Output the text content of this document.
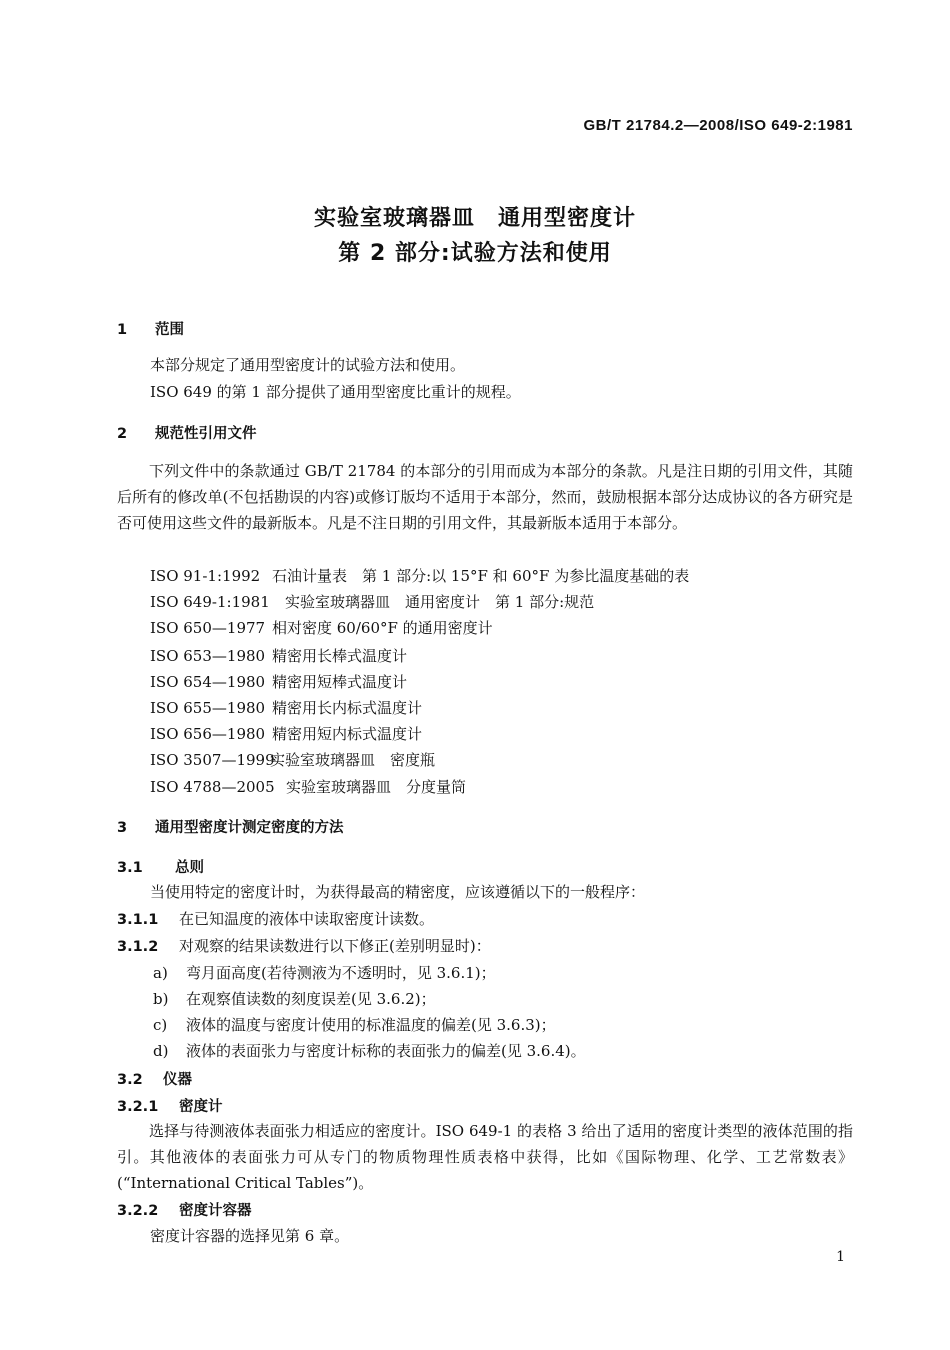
GB/T 21784.2—2008/ISO 649-2:1981
实验室玻璃器皿　通用型密度计
第 2 部分:试验方法和使用
1 范围
本部分规定了通用型密度计的试验方法和使用。
ISO 649 的第 1 部分提供了通用型密度比重计的规程。
2 规范性引用文件
下列文件中的条款通过 GB/T 21784 的本部分的引用而成为本部分的条款。凡是注日期的引用文件，其随后所有的修改单(不包括勘误的内容)或修订版均不适用于本部分，然而，鼓励根据本部分达成协议的各方研究是否可使用这些文件的最新版本。凡是不注日期的引用文件，其最新版本适用于本部分。
ISO 91-1:1992 石油计量表　第 1 部分:以 15°F 和 60°F 为参比温度基础的表
ISO 649-1:1981 实验室玻璃器皿　通用密度计　第 1 部分:规范
ISO 650—1977 相对密度 60/60°F 的通用密度计
ISO 653—1980 精密用长棒式温度计
ISO 654—1980 精密用短棒式温度计
ISO 655—1980 精密用长内标式温度计
ISO 656—1980 精密用短内标式温度计
ISO 3507—1999实验室玻璃器皿　密度瓶
ISO 4788—2005 实验室玻璃器皿　分度量筒
3 通用型密度计测定密度的方法
3.1 总则
当使用特定的密度计时，为获得最高的精密度，应该遵循以下的一般程序：
3.1.1 在已知温度的液体中读取密度计读数。
3.1.2 对观察的结果读数进行以下修正(差别明显时)：
a) 弯月面高度(若待测液为不透明时，见 3.6.1)；
b) 在观察值读数的刻度误差(见 3.6.2)；
c) 液体的温度与密度计使用的标准温度的偏差(见 3.6.3)；
d) 液体的表面张力与密度计标称的表面张力的偏差(见 3.6.4)。
3.2 仪器
3.2.1 密度计
选择与待测液体表面张力相适应的密度计。ISO 649-1 的表格 3 给出了适用的密度计类型的液体范围的指引。其他液体的表面张力可从专门的物质物理性质表格中获得，比如《国际物理、化学、工艺常数表》(“International Critical Tables”)。
3.2.2 密度计容器
密度计容器的选择见第 6 章。
1
